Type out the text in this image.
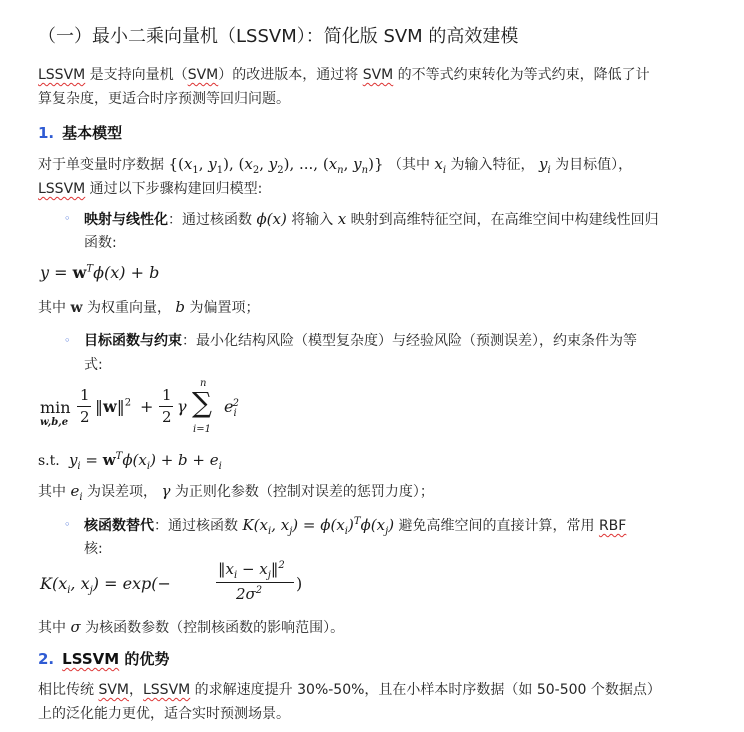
（一）最小二乘向量机（LSSVM）：简化版 SVM 的高效建模
LSSVM 是支持向量机（SVM）的改进版本，通过将 SVM 的不等式约束转化为等式约束，降低了计
算复杂度，更适合时序预测等回归问题。
1. 基本模型
对于单变量时序数据 {($x_1$, $y_1$), ($x_2$, $y_2$), ..., ($x_n$, $y_n$)} （其中 $x_i$ 为输入特征， $y_i$ 为目标值），
LSSVM 通过以下步骤构建回归模型:
◦ 映射与线性化：通过核函数 ϕ(x) 将输入 x 映射到高维特征空间，在高维空间中构建线性回归
函数:
$y = w^T\phi(x) + b$
其中 w 为权重向量， b 为偏置项；
◦ 目标函数与约束：最小化结构风险（模型复杂度）与经验风险（预测误差），约束条件为等
式:
min
w,b,e
1
2
‖w‖$^2$ +
1
2
γ
n
∑
i=1
$e_i^2$
s.t.  $y_i = w^T\phi(x_i) + b + e_i$
其中 $e_i$ 为误差项， γ 为正则化参数（控制对误差的惩罚力度）；
◦ 核函数替代：通过核函数 $K(x_i$, $x_j) = \phi(x_i)^T\phi(x_j)$ 避免高维空间的直接计算，常用 RBF
核:
$K(x_i$, $x_j) = \exp(-$
$‖x_i$ − $x_j‖^2$
$2\sigma^2$ )
其中 σ 为核函数参数（控制核函数的影响范围）。
2. LSSVM 的优势
相比传统 SVM，LSSVM 的求解速度提升 30%-50%，且在小样本时序数据（如 50-500 个数据点）
上的泛化能力更优，适合实时预测场景。
